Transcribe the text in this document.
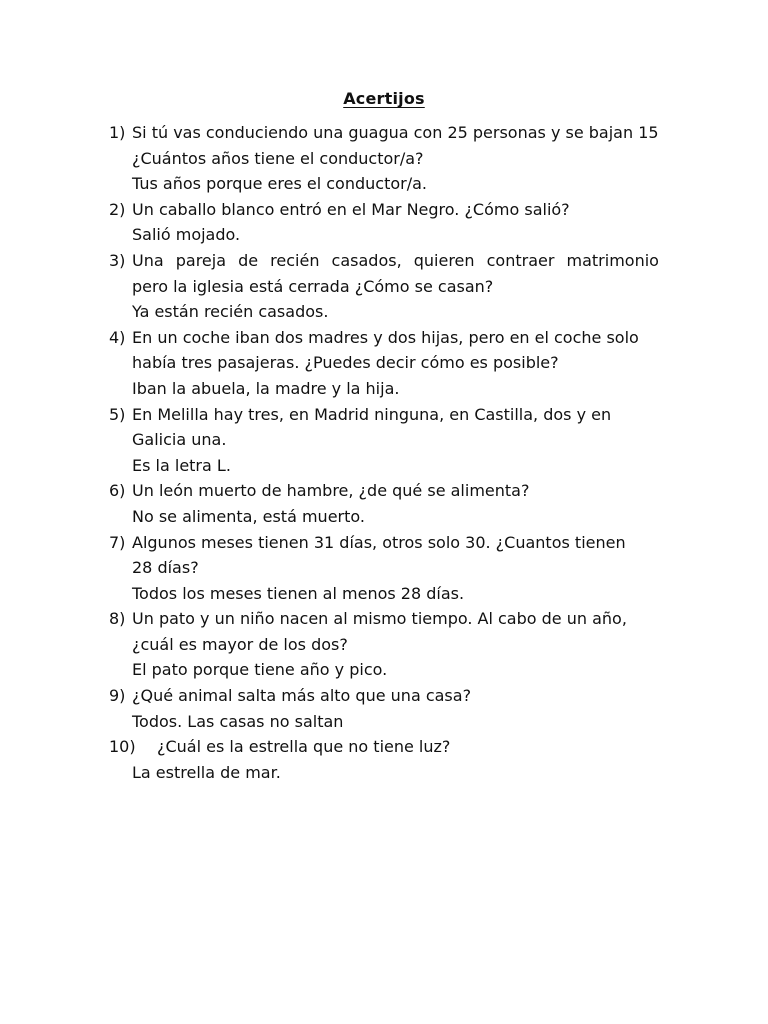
Acertijos
1) Si tú vas conduciendo una guagua con 25 personas y se bajan 15
¿Cuántos años tiene el conductor/a?
Tus años porque eres el conductor/a.
2) Un caballo blanco entró en el Mar Negro. ¿Cómo salió?
Salió mojado.
3) Una pareja de recién casados, quieren contraer matrimonio
pero la iglesia está cerrada ¿Cómo se casan?
Ya están recién casados.
4) En un coche iban dos madres y dos hijas, pero en el coche solo
había tres pasajeras. ¿Puedes decir cómo es posible?
Iban la abuela, la madre y la hija.
5) En Melilla hay tres, en Madrid ninguna, en Castilla, dos y en
Galicia una.
Es la letra L.
6) Un león muerto de hambre, ¿de qué se alimenta?
No se alimenta, está muerto.
7) Algunos meses tienen 31 días, otros solo 30. ¿Cuantos tienen
28 días?
Todos los meses tienen al menos 28 días.
8) Un pato y un niño nacen al mismo tiempo. Al cabo de un año,
¿cuál es mayor de los dos?
El pato porque tiene año y pico.
9) ¿Qué animal salta más alto que una casa?
Todos. Las casas no saltan
10)	¿Cuál es la estrella que no tiene luz?
La estrella de mar.
